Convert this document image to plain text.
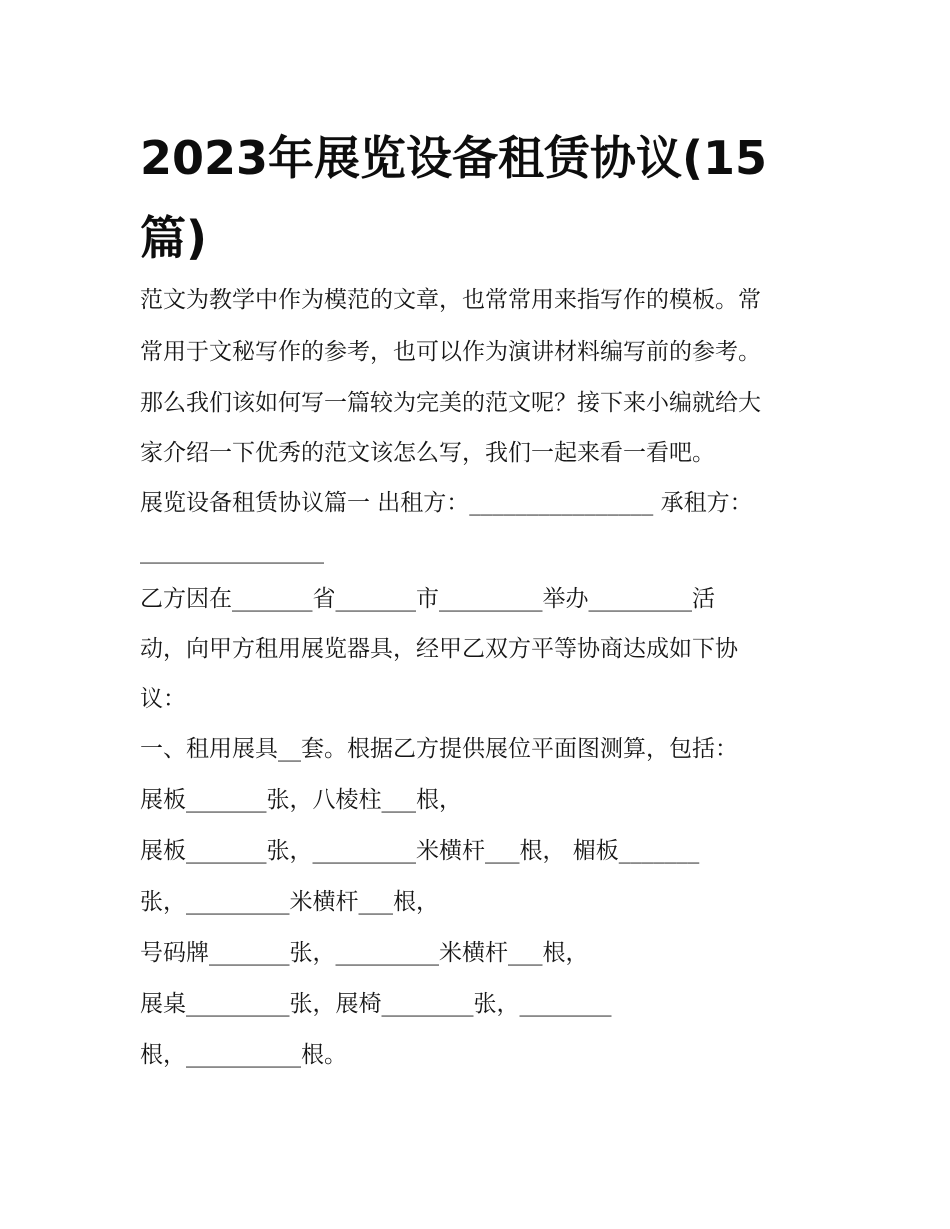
2023年展览设备租赁协议(15篇)
范文为教学中作为模范的文章，也常常用来指写作的模板。常
常用于文秘写作的参考，也可以作为演讲材料编写前的参考。
那么我们该如何写一篇较为完美的范文呢？接下来小编就给大
家介绍一下优秀的范文该怎么写，我们一起来看一看吧。
展览设备租赁协议篇一 出租方：________________ 承租方：
________________
乙方因在_______省_______市_________举办_________活
动，向甲方租用展览器具，经甲乙双方平等协商达成如下协
议：
一、租用展具__套。根据乙方提供展位平面图测算，包括：
展板_______张，八棱柱___根，
展板_______张，_________米横杆___根， 楣板_______
张，_________米横杆___根，
号码牌_______张，_________米横杆___根，
展桌_________张，展椅________张，________
根，__________根。
